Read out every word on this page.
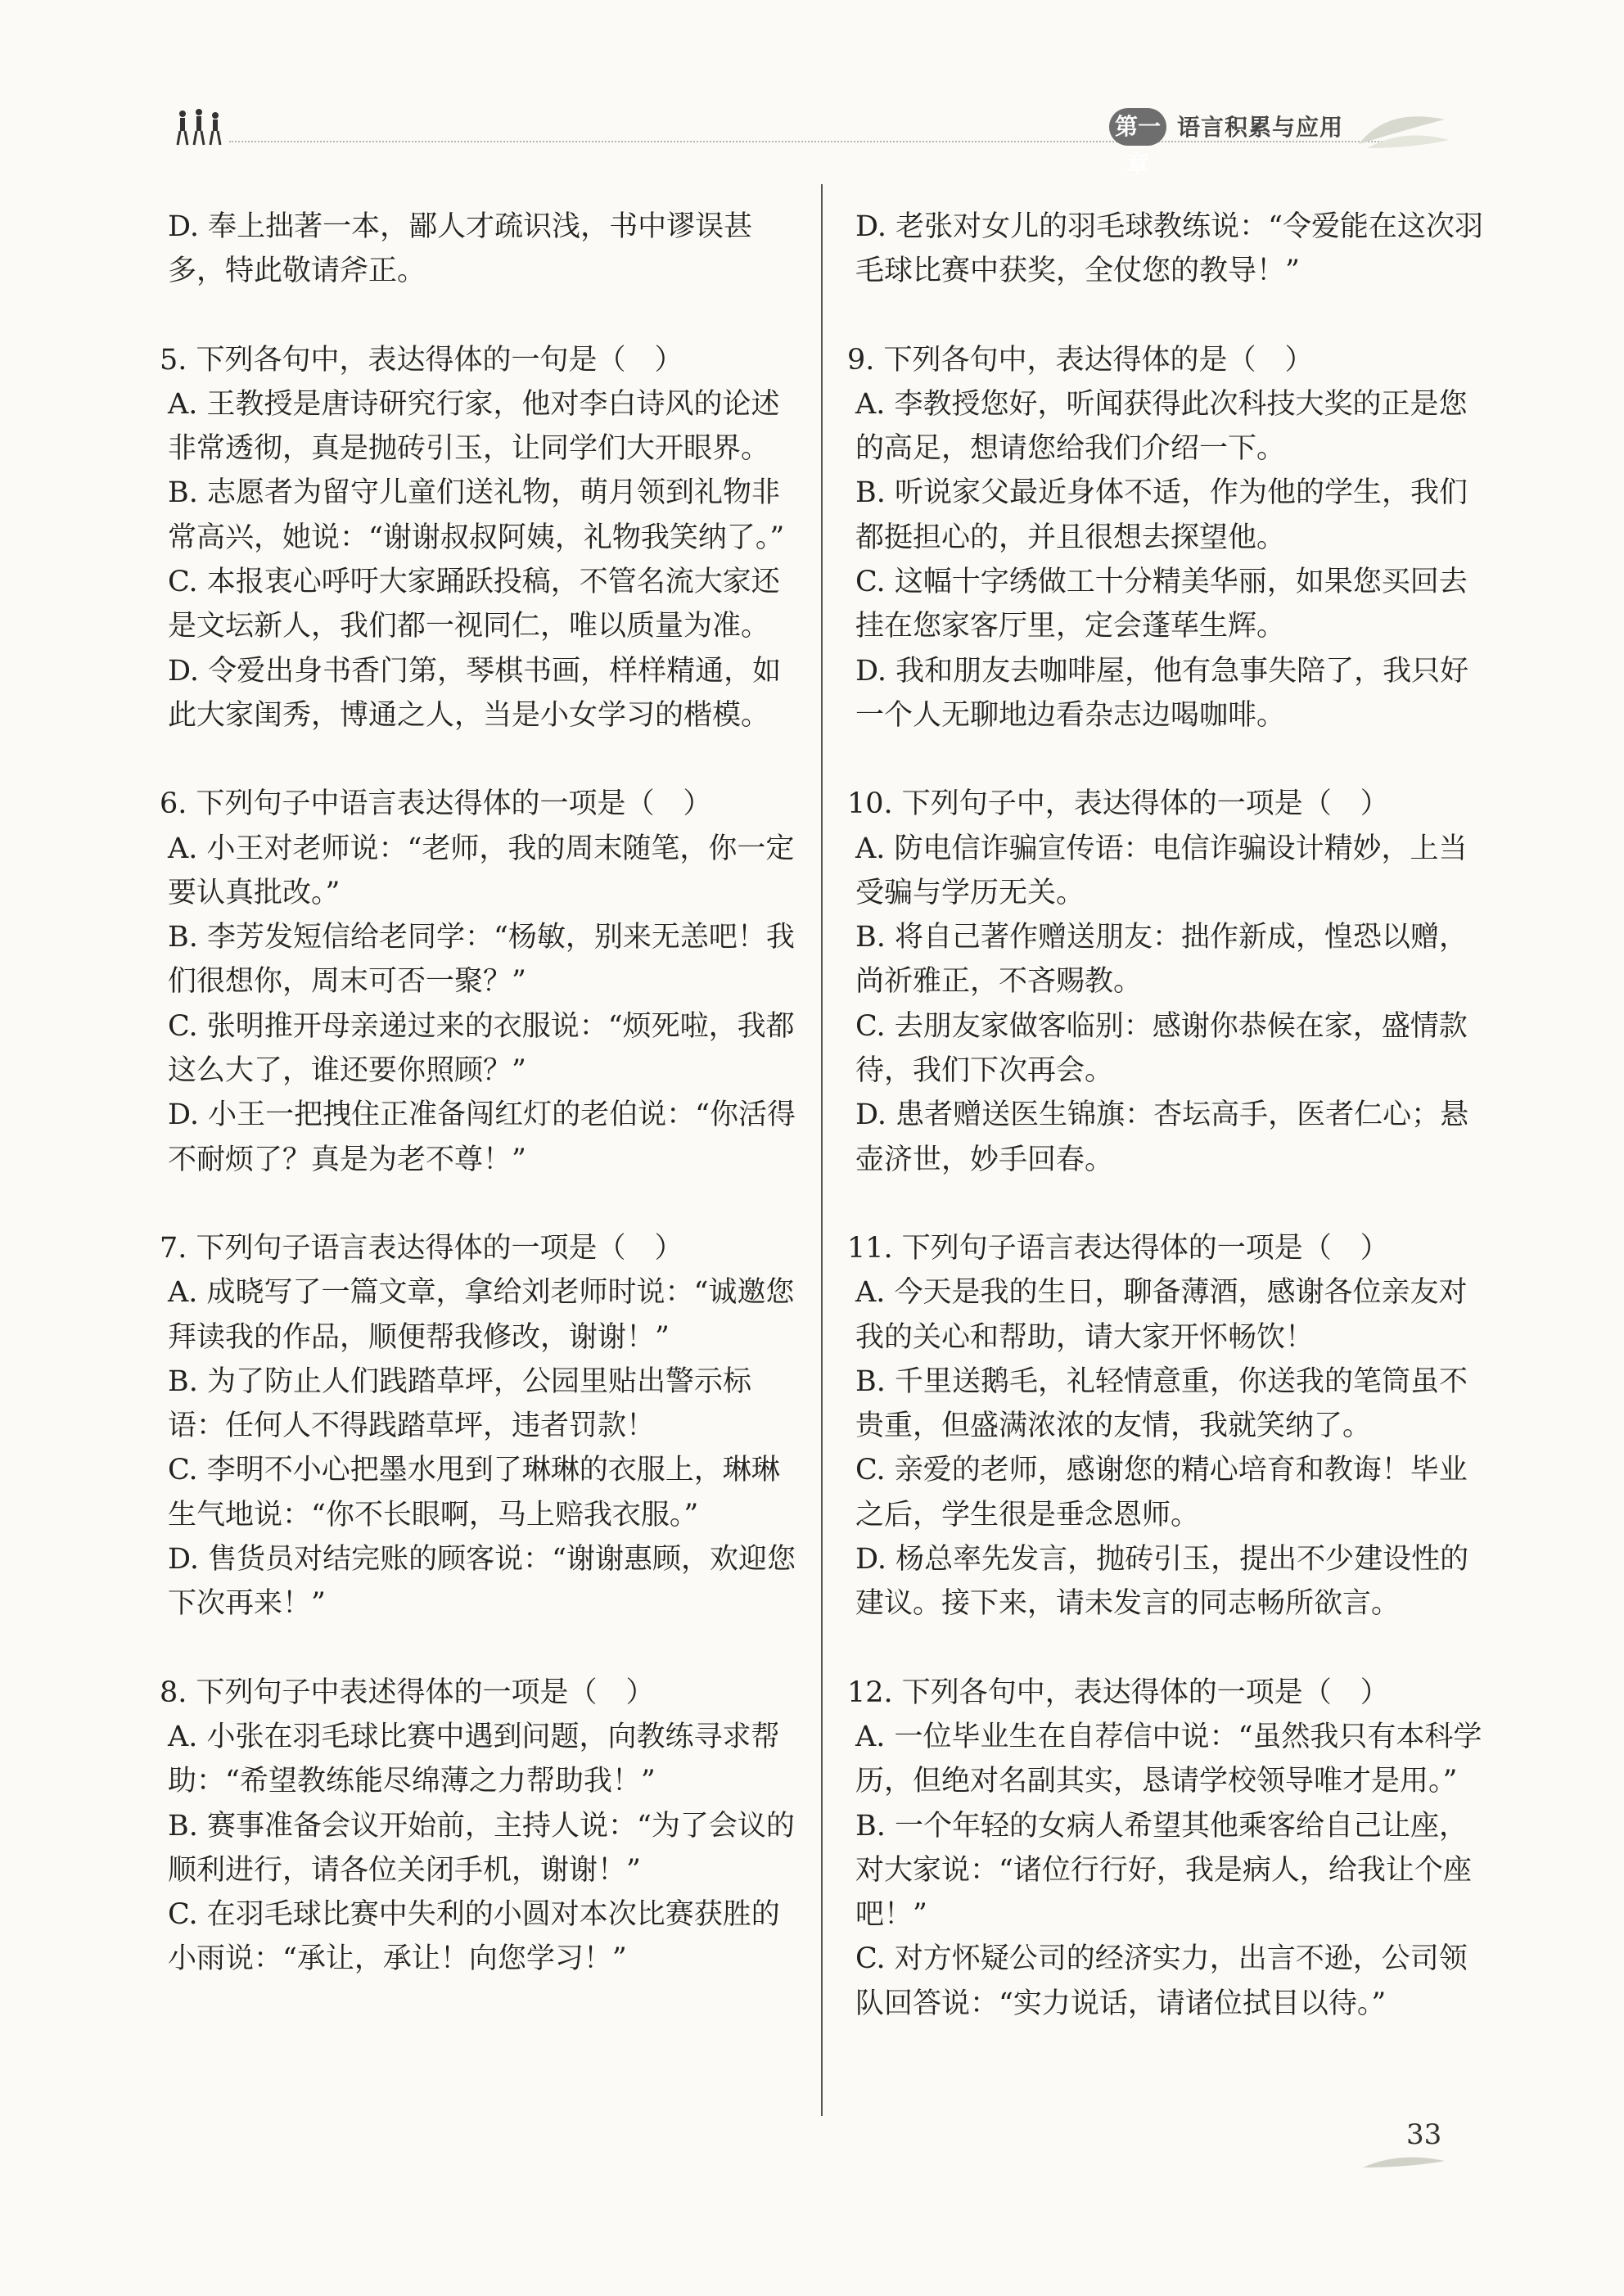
第一章
语言积累与应用
D. 奉上拙著一本，鄙人才疏识浅，书中谬误甚多，特此敬请斧正。
5. 下列各句中，表达得体的一句是（　）
A. 王教授是唐诗研究行家，他对李白诗风的论述非常透彻，真是抛砖引玉，让同学们大开眼界。
B. 志愿者为留守儿童们送礼物，萌月领到礼物非常高兴，她说：“谢谢叔叔阿姨，礼物我笑纳了。”
C. 本报衷心呼吁大家踊跃投稿，不管名流大家还是文坛新人，我们都一视同仁，唯以质量为准。
D. 令爱出身书香门第，琴棋书画，样样精通，如此大家闺秀，博通之人，当是小女学习的楷模。
6. 下列句子中语言表达得体的一项是（　）
A. 小王对老师说：“老师，我的周末随笔，你一定要认真批改。”
B. 李芳发短信给老同学：“杨敏，别来无恙吧！我们很想你，周末可否一聚？”
C. 张明推开母亲递过来的衣服说：“烦死啦，我都这么大了，谁还要你照顾？”
D. 小王一把拽住正准备闯红灯的老伯说：“你活得不耐烦了？真是为老不尊！”
7. 下列句子语言表达得体的一项是（　）
A. 成晓写了一篇文章，拿给刘老师时说：“诚邀您拜读我的作品，顺便帮我修改，谢谢！”
B. 为了防止人们践踏草坪，公园里贴出警示标语：任何人不得践踏草坪，违者罚款！
C. 李明不小心把墨水甩到了琳琳的衣服上，琳琳生气地说：“你不长眼啊，马上赔我衣服。”
D. 售货员对结完账的顾客说：“谢谢惠顾，欢迎您下次再来！”
8. 下列句子中表述得体的一项是（　）
A. 小张在羽毛球比赛中遇到问题，向教练寻求帮助：“希望教练能尽绵薄之力帮助我！”
B. 赛事准备会议开始前，主持人说：“为了会议的顺利进行，请各位关闭手机，谢谢！”
C. 在羽毛球比赛中失利的小圆对本次比赛获胜的小雨说：“承让，承让！向您学习！”
D. 老张对女儿的羽毛球教练说：“令爱能在这次羽毛球比赛中获奖，全仗您的教导！”
9. 下列各句中，表达得体的是（　）
A. 李教授您好，听闻获得此次科技大奖的正是您的高足，想请您给我们介绍一下。
B. 听说家父最近身体不适，作为他的学生，我们都挺担心的，并且很想去探望他。
C. 这幅十字绣做工十分精美华丽，如果您买回去挂在您家客厅里，定会蓬荜生辉。
D. 我和朋友去咖啡屋，他有急事失陪了，我只好一个人无聊地边看杂志边喝咖啡。
10. 下列句子中，表达得体的一项是（　）
A. 防电信诈骗宣传语：电信诈骗设计精妙，上当受骗与学历无关。
B. 将自己著作赠送朋友：拙作新成，惶恐以赠，尚祈雅正，不吝赐教。
C. 去朋友家做客临别：感谢你恭候在家，盛情款待，我们下次再会。
D. 患者赠送医生锦旗：杏坛高手，医者仁心；悬壶济世，妙手回春。
11. 下列句子语言表达得体的一项是（　）
A. 今天是我的生日，聊备薄酒，感谢各位亲友对我的关心和帮助，请大家开怀畅饮！
B. 千里送鹅毛，礼轻情意重，你送我的笔筒虽不贵重，但盛满浓浓的友情，我就笑纳了。
C. 亲爱的老师，感谢您的精心培育和教诲！毕业之后，学生很是垂念恩师。
D. 杨总率先发言，抛砖引玉，提出不少建设性的建议。接下来，请未发言的同志畅所欲言。
12. 下列各句中，表达得体的一项是（　）
A. 一位毕业生在自荐信中说：“虽然我只有本科学历，但绝对名副其实，恳请学校领导唯才是用。”
B. 一个年轻的女病人希望其他乘客给自己让座，对大家说：“诸位行行好，我是病人，给我让个座吧！”
C. 对方怀疑公司的经济实力，出言不逊，公司领队回答说：“实力说话，请诸位拭目以待。”
33
